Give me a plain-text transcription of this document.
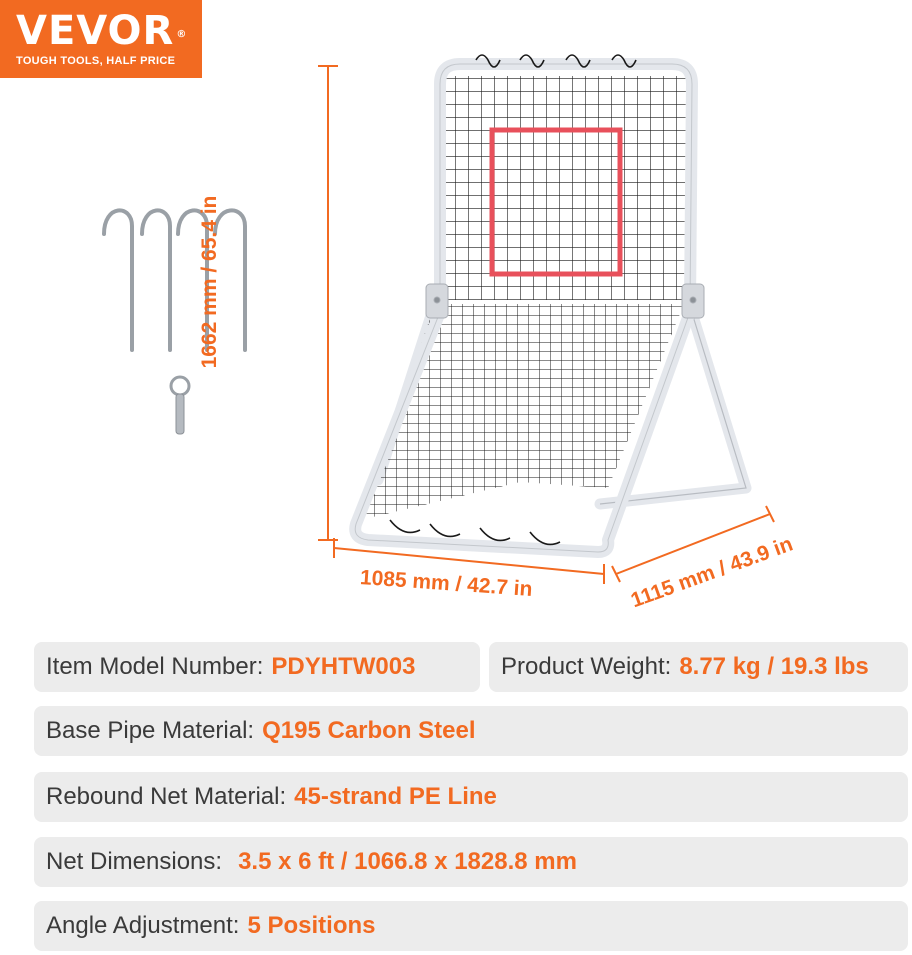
VEVOR ®
TOUGH TOOLS, HALF PRICE
1662 mm / 65.4 in
1085 mm / 42.7 in	1115 mm / 43.9 in
Item Model Number: PDYHTW003	Product Weight: 8.77 kg / 19.3 lbs
Base Pipe Material: Q195 Carbon Steel
Rebound Net Material: 45-strand PE Line
Net Dimensions: 3.5 x 6 ft / 1066.8 x 1828.8 mm
Angle Adjustment: 5 Positions
